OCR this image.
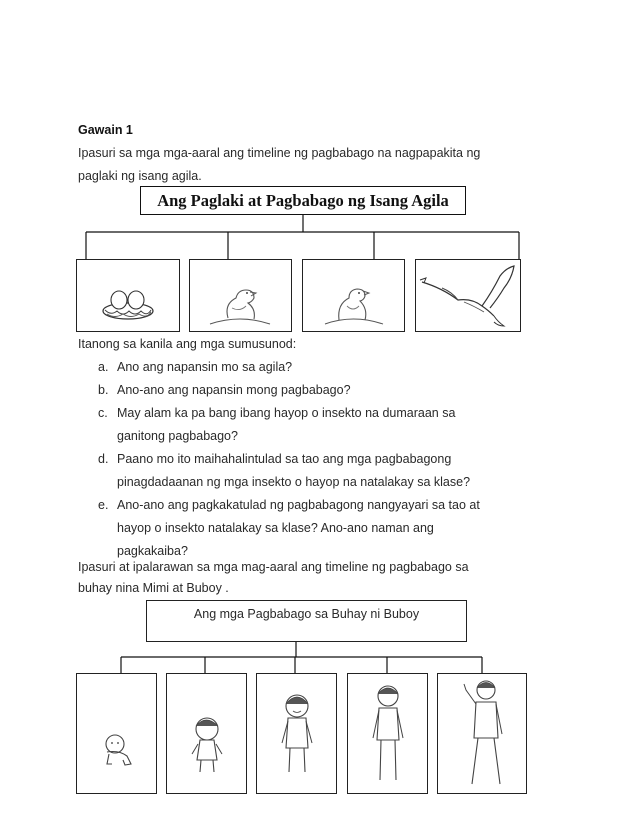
Gawain 1
Ipasuri sa mga mga-aaral ang timeline ng pagbabago na nagpapakita ng
paglaki ng isang agila.
Ang Paglaki at Pagbabago ng Isang Agila
Itanong sa kanila ang mga sumusunod:
a. Ano ang napansin mo sa agila?
b. Ano-ano ang napansin mong pagbabago?
c. May alam ka pa bang ibang hayop o insekto na dumaraan sa
ganitong pagbabago?
d. Paano mo ito maihahalintulad sa tao ang mga pagbabagong
pinagdadaanan ng mga insekto o hayop na natalakay sa klase?
e. Ano-ano ang pagkakatulad ng pagbabagong nangyayari sa tao at
hayop o insekto natalakay sa klase? Ano-ano naman ang
pagkakaiba?
Ipasuri at ipalarawan sa mga mag-aaral ang timeline ng pagbabago sa
buhay nina Mimi at Buboy .
Ang mga Pagbabago sa Buhay ni Buboy
